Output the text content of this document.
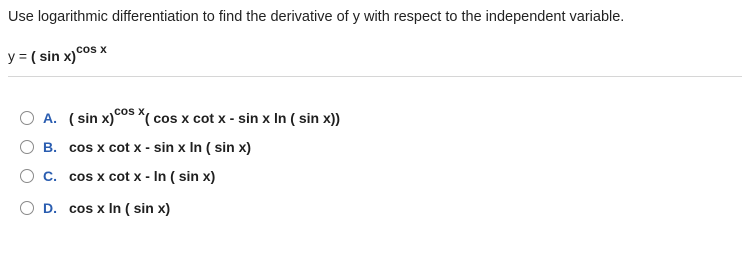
Use logarithmic differentiation to find the derivative of y with respect to the independent variable.
y = ( sin x)cos x
A. ( sin x)cos x( cos x cot x - sin x ln ( sin x))
B. cos x cot x - sin x ln ( sin x)
C. cos x cot x - ln ( sin x)
D. cos x ln ( sin x)
